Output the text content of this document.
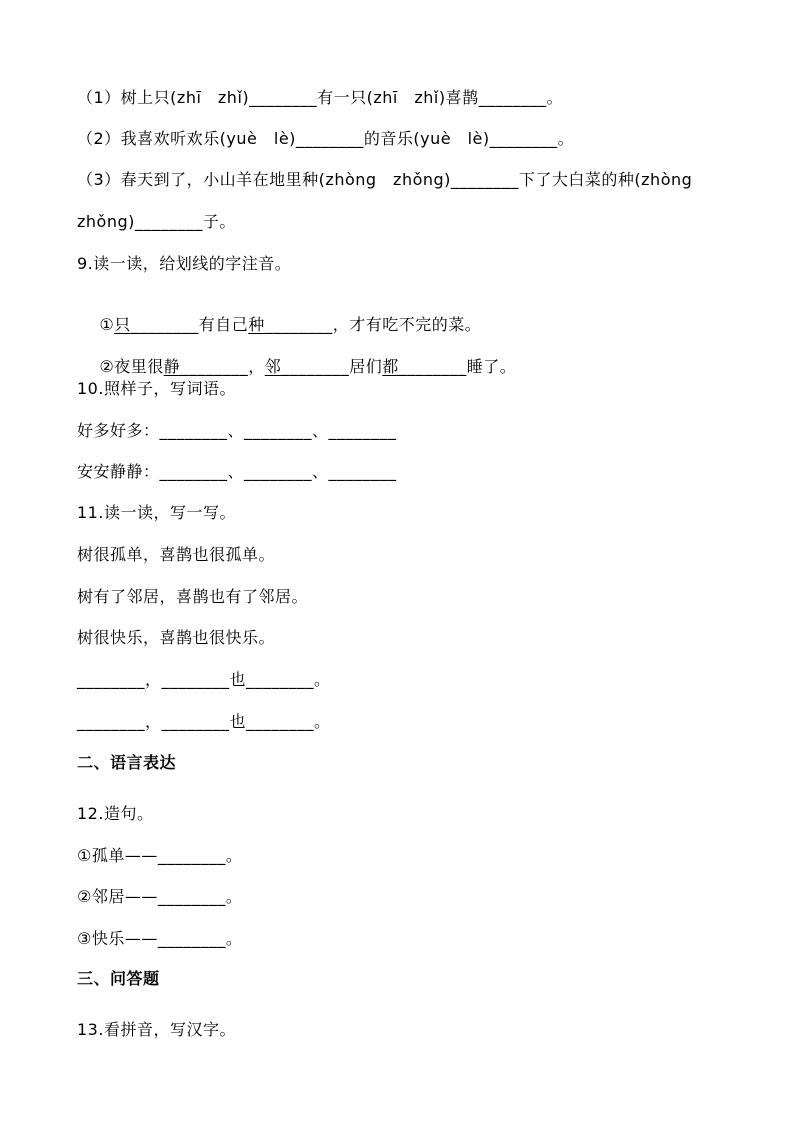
（1）树上只(zhī　zhǐ)________有一只(zhī　zhǐ)喜鹊________。
（2）我喜欢听欢乐(yuè　lè)________的音乐(yuè　lè)________。
（3）春天到了，小山羊在地里种(zhòng　zhǒng)________下了大白菜的种(zhòng
zhǒng)________子。
9.读一读，给划线的字注音。

①只________有自己种________，才有吃不完的菜。

②夜里很静________，邻________居们都________睡了。

10.照样子，写词语。
好多好多：________、________、________
安安静静：________、________、________
11.读一读，写一写。
树很孤单，喜鹊也很孤单。
树有了邻居，喜鹊也有了邻居。
树很快乐，喜鹊也很快乐。
________，________也________。
________，________也________。
二、语言表达
12.造句。
①孤单——________。
②邻居——________。
③快乐——________。
三、问答题
13.看拼音，写汉字。
